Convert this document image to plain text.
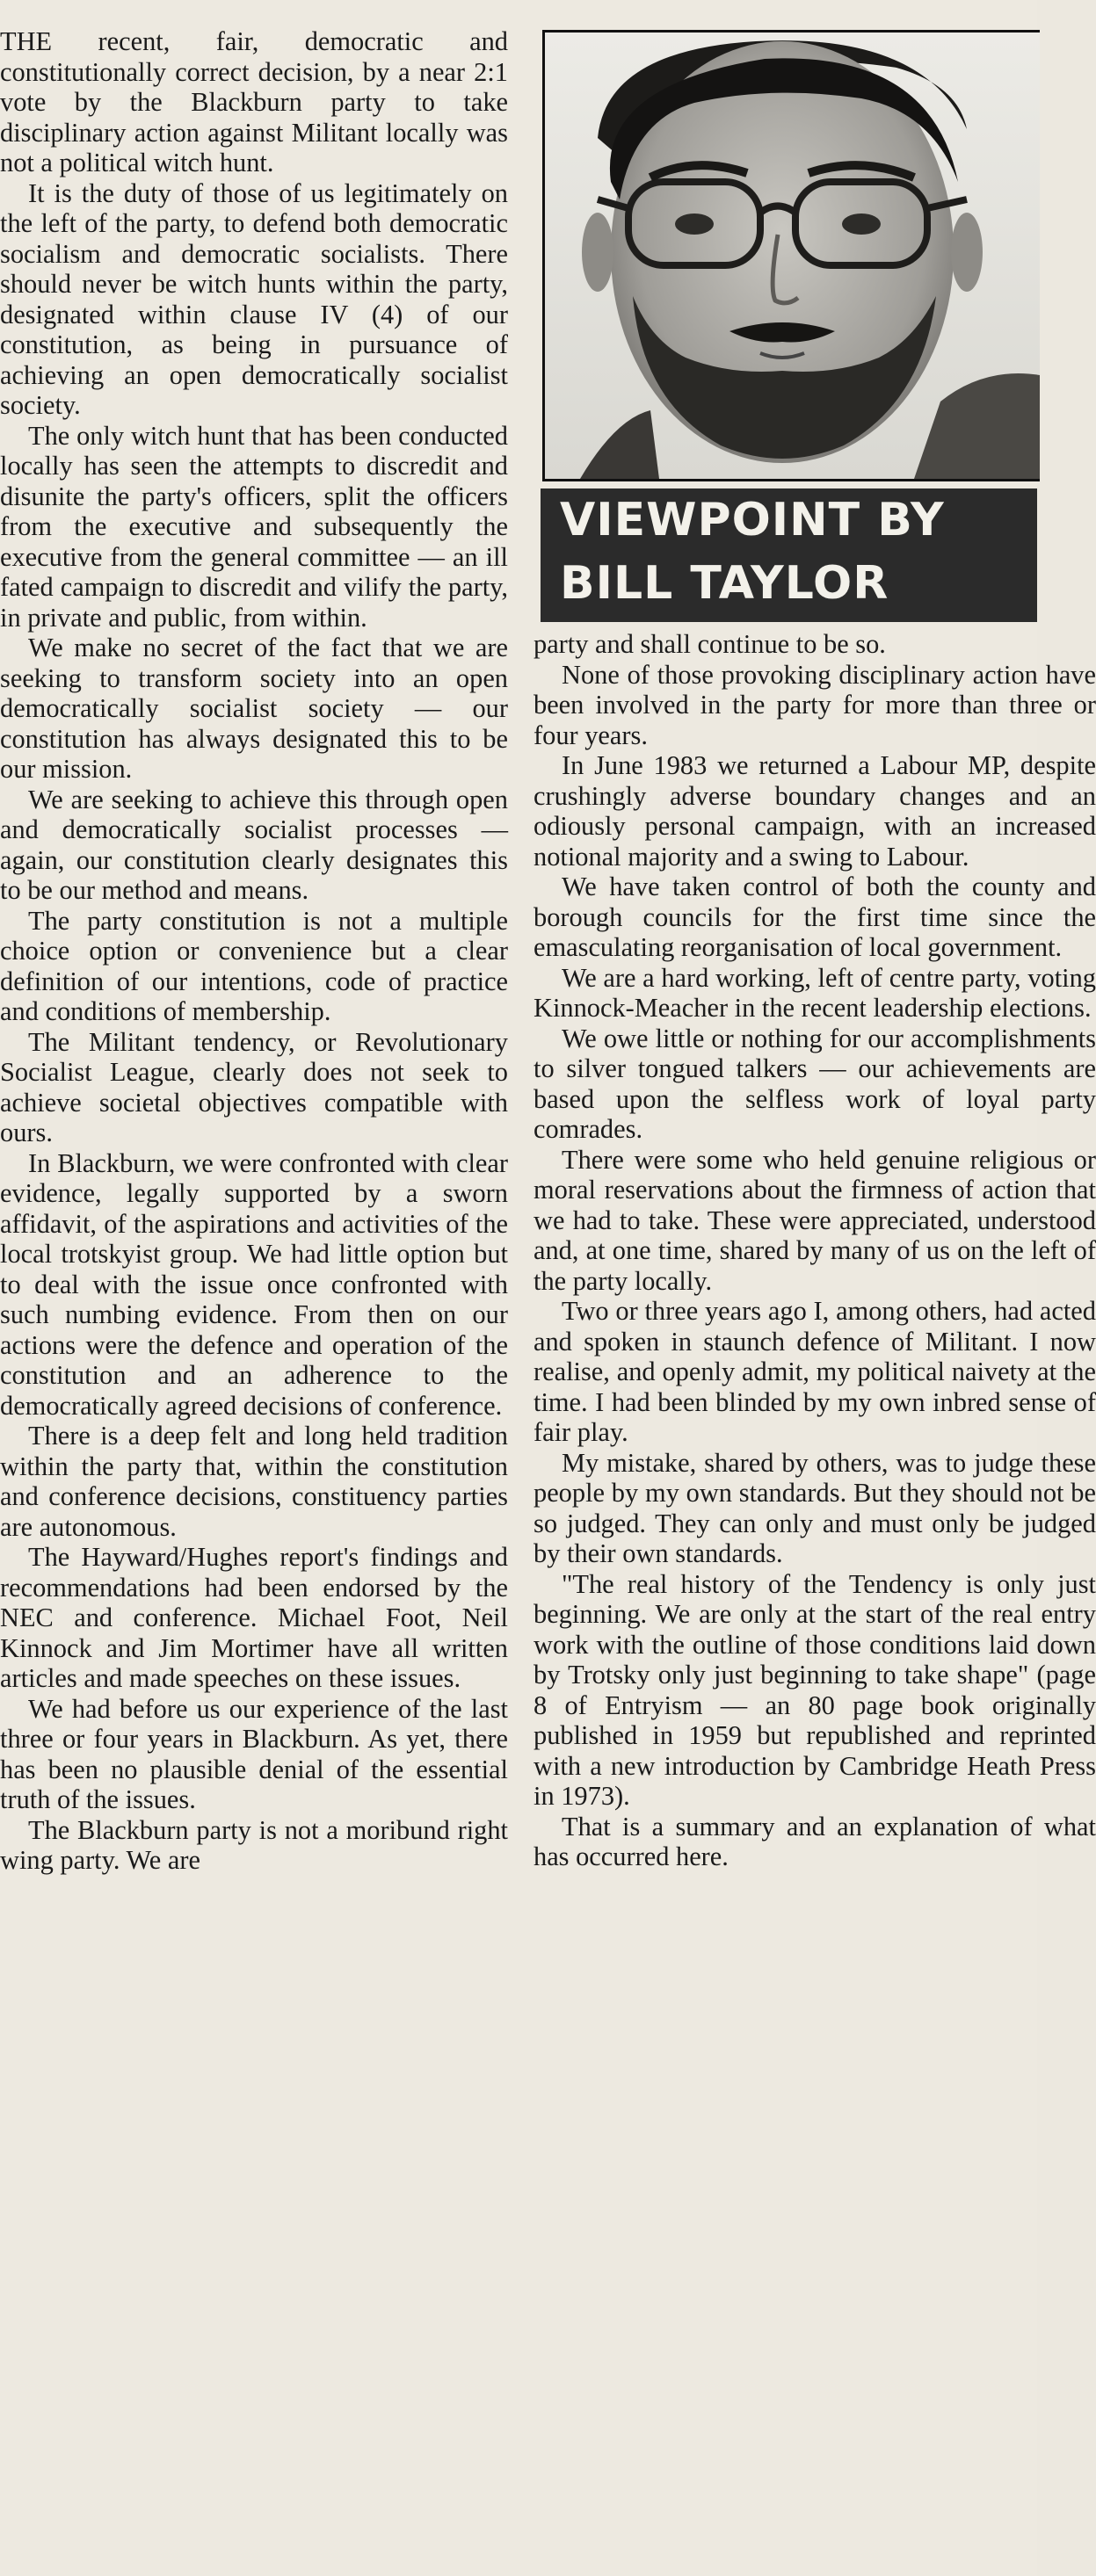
THE recent, fair, democratic and constitutionally correct decision, by a near 2:1 vote by the Blackburn party to take disciplinary action against Militant locally was not a political witch hunt.

It is the duty of those of us legitimately on the left of the party, to defend both democratic socialism and democratic socialists. There should never be witch hunts within the party, designated within clause IV (4) of our constitution, as being in pursuance of achieving an open democratically socialist society.

The only witch hunt that has been conducted locally has seen the attempts to discredit and disunite the party's officers, split the officers from the executive and subsequently the executive from the general committee — an ill fated campaign to discredit and vilify the party, in private and public, from within.

We make no secret of the fact that we are seeking to transform society into an open democratically socialist society — our constitution has always designated this to be our mission.

We are seeking to achieve this through open and democratically socialist processes — again, our constitution clearly designates this to be our method and means.

The party constitution is not a multiple choice option or convenience but a clear definition of our intentions, code of practice and conditions of membership.

The Militant tendency, or Revolutionary Socialist League, clearly does not seek to achieve societal objectives compatible with ours.

In Blackburn, we were confronted with clear evidence, legally supported by a sworn affidavit, of the aspirations and activities of the local trotskyist group. We had little option but to deal with the issue once confronted with such numbing evidence. From then on our actions were the defence and operation of the constitution and an adherence to the democratically agreed decisions of conference.

There is a deep felt and long held tradition within the party that, within the constitution and conference decisions, constituency parties are autonomous.

The Hayward/Hughes report's findings and recommendations had been endorsed by the NEC and conference. Michael Foot, Neil Kinnock and Jim Mortimer have all written articles and made speeches on these issues.

We had before us our experience of the last three or four years in Blackburn. As yet, there has been no plausible denial of the essential truth of the issues.

The Blackburn party is not a moribund right wing party. We are

VIEWPOINT BY
BILL TAYLOR

party and shall continue to be so.

None of those provoking disciplinary action have been involved in the party for more than three or four years.

In June 1983 we returned a Labour MP, despite crushingly adverse boundary changes and an odiously personal campaign, with an increased notional majority and a swing to Labour.

We have taken control of both the county and borough councils for the first time since the emasculating reorganisation of local government.

We are a hard working, left of centre party, voting Kinnock-Meacher in the recent leadership elections.

We owe little or nothing for our accomplishments to silver tongued talkers — our achievements are based upon the selfless work of loyal party comrades.

There were some who held genuine religious or moral reservations about the firmness of action that we had to take. These were appreciated, understood and, at one time, shared by many of us on the left of the party locally.

Two or three years ago I, among others, had acted and spoken in staunch defence of Militant. I now realise, and openly admit, my political naivety at the time. I had been blinded by my own inbred sense of fair play.

My mistake, shared by others, was to judge these people by my own standards. But they should not be so judged. They can only and must only be judged by their own standards.

"The real history of the Tendency is only just beginning. We are only at the start of the real entry work with the outline of those conditions laid down by Trotsky only just beginning to take shape" (page 8 of Entryism — an 80 page book originally published in 1959 but republished and reprinted with a new introduction by Cambridge Heath Press in 1973).

That is a summary and an explanation of what has occurred here.
